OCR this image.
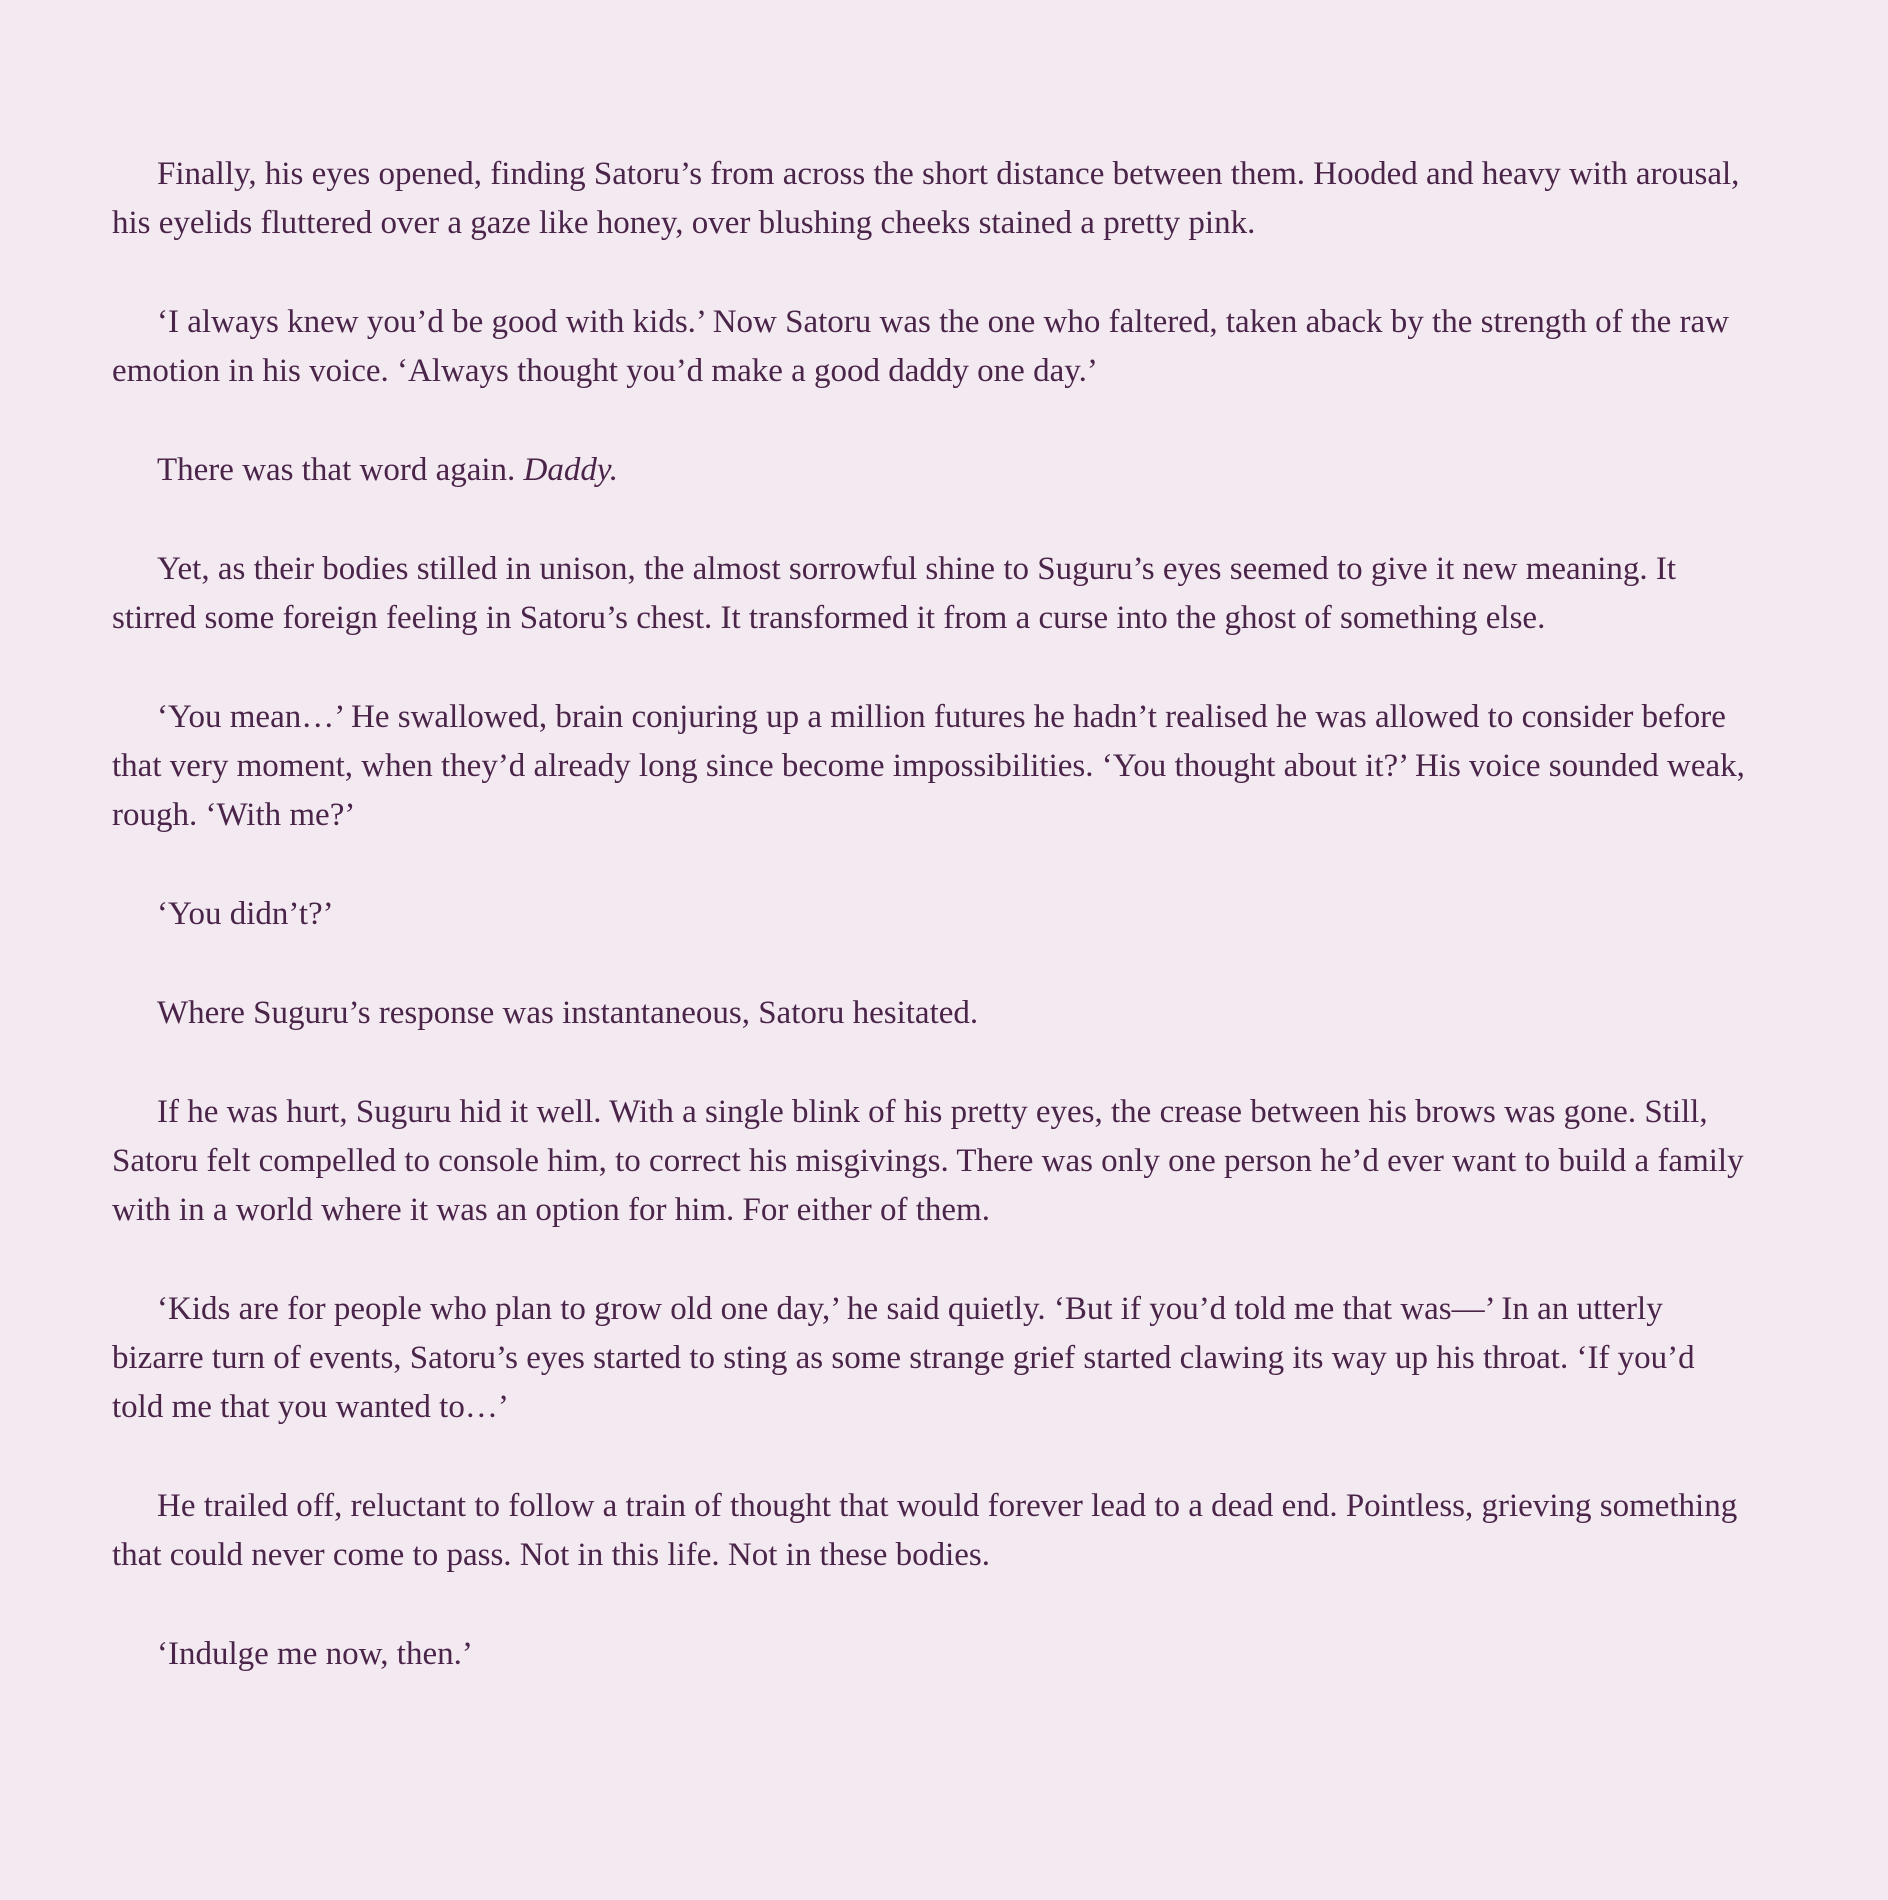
Finally, his eyes opened, finding Satoru’s from across the short distance between them. Hooded and heavy with arousal, his eyelids fluttered over a gaze like honey, over blushing cheeks stained a pretty pink.

‘I always knew you’d be good with kids.’ Now Satoru was the one who faltered, taken aback by the strength of the raw emotion in his voice. ‘Always thought you’d make a good daddy one day.’

There was that word again. Daddy.

Yet, as their bodies stilled in unison, the almost sorrowful shine to Suguru’s eyes seemed to give it new meaning. It stirred some foreign feeling in Satoru’s chest. It transformed it from a curse into the ghost of something else.

‘You mean…’ He swallowed, brain conjuring up a million futures he hadn’t realised he was allowed to consider before that very moment, when they’d already long since become impossibilities. ‘You thought about it?’ His voice sounded weak, rough. ‘With me?’

‘You didn’t?’

Where Suguru’s response was instantaneous, Satoru hesitated.

If he was hurt, Suguru hid it well. With a single blink of his pretty eyes, the crease between his brows was gone. Still, Satoru felt compelled to console him, to correct his misgivings. There was only one person he’d ever want to build a family with in a world where it was an option for him. For either of them.

‘Kids are for people who plan to grow old one day,’ he said quietly. ‘But if you’d told me that was—’ In an utterly bizarre turn of events, Satoru’s eyes started to sting as some strange grief started clawing its way up his throat. ‘If you’d told me that you wanted to…’

He trailed off, reluctant to follow a train of thought that would forever lead to a dead end. Pointless, grieving something that could never come to pass. Not in this life. Not in these bodies.

‘Indulge me now, then.’
